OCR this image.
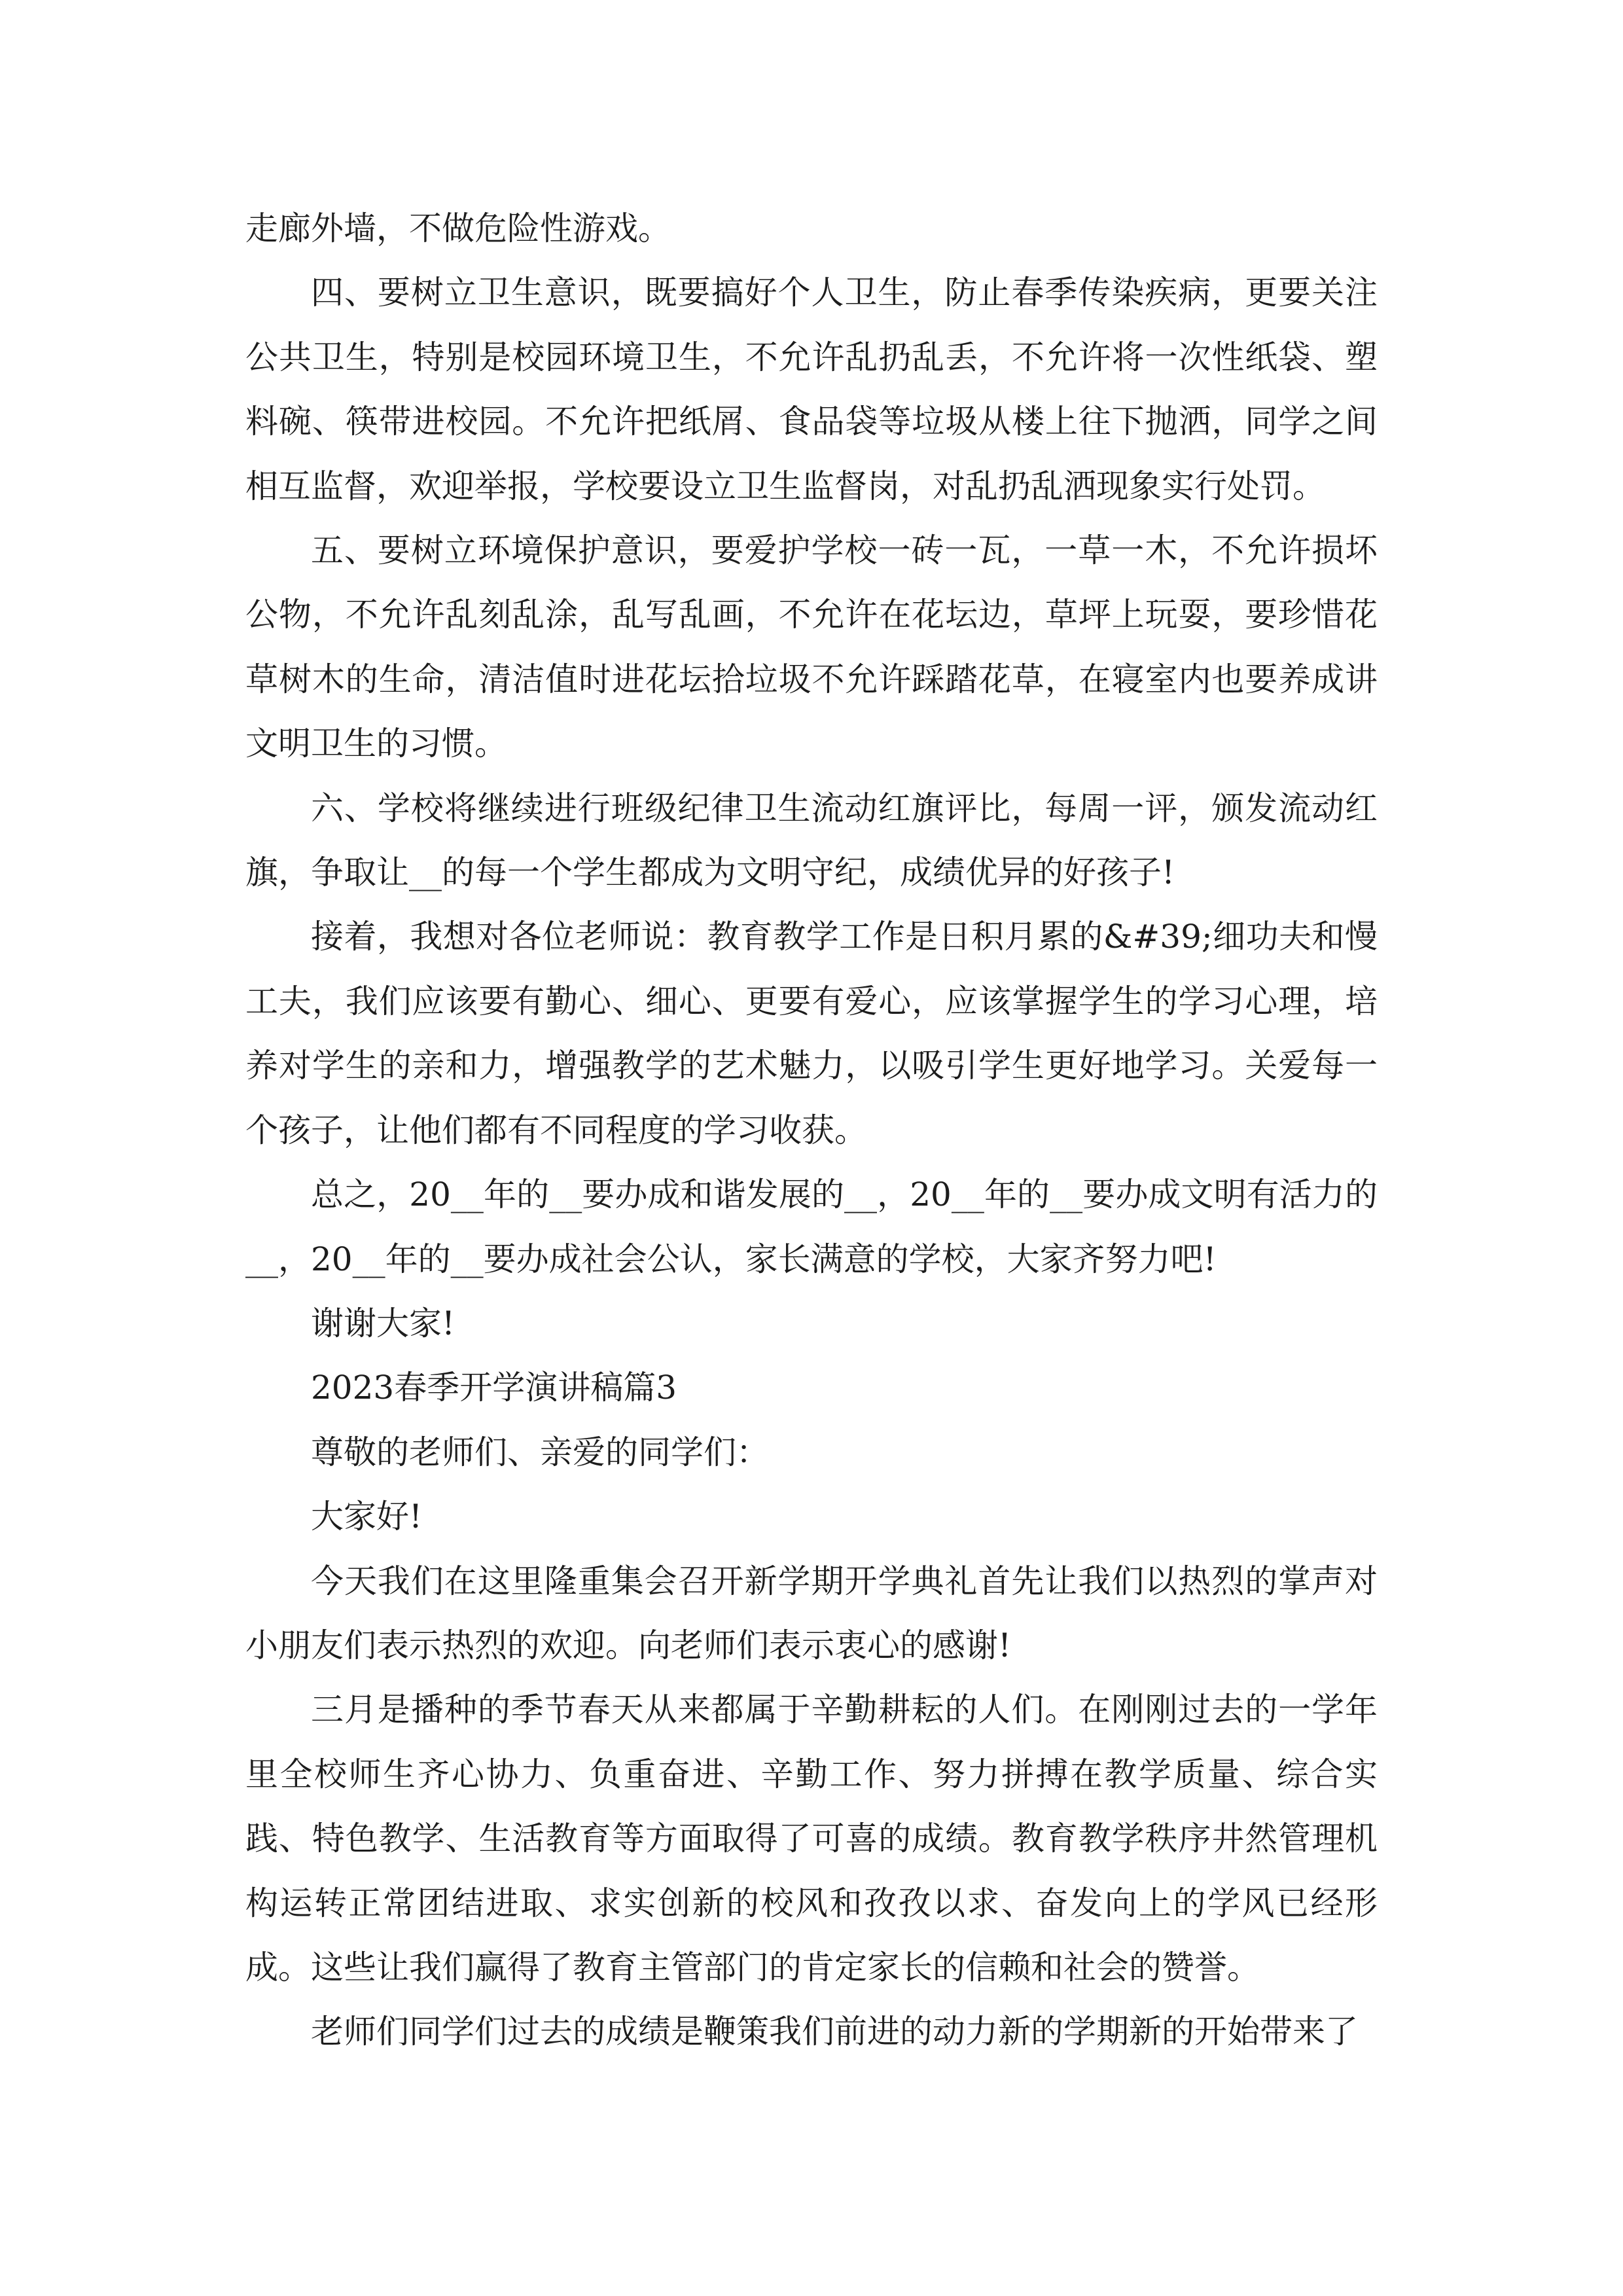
走廊外墙，不做危险性游戏。

四、要树立卫生意识，既要搞好个人卫生，防止春季传染疾病，更要关注公共卫生，特别是校园环境卫生，不允许乱扔乱丢，不允许将一次性纸袋、塑料碗、筷带进校园。不允许把纸屑、食品袋等垃圾从楼上往下抛洒，同学之间相互监督，欢迎举报，学校要设立卫生监督岗，对乱扔乱洒现象实行处罚。

五、要树立环境保护意识，要爱护学校一砖一瓦，一草一木，不允许损坏公物，不允许乱刻乱涂，乱写乱画，不允许在花坛边，草坪上玩耍，要珍惜花草树木的生命，清洁值时进花坛拾垃圾不允许踩踏花草，在寝室内也要养成讲文明卫生的习惯。

六、学校将继续进行班级纪律卫生流动红旗评比，每周一评，颁发流动红旗，争取让__的每一个学生都成为文明守纪，成绩优异的好孩子!

接着，我想对各位老师说：教育教学工作是日积月累的&#39;细功夫和慢工夫，我们应该要有勤心、细心、更要有爱心，应该掌握学生的学习心理，培养对学生的亲和力，增强教学的艺术魅力，以吸引学生更好地学习。关爱每一个孩子，让他们都有不同程度的学习收获。

总之，20__年的__要办成和谐发展的__，20__年的__要办成文明有活力的__，20__年的__要办成社会公认，家长满意的学校，大家齐努力吧!

谢谢大家!

2023春季开学演讲稿篇3

尊敬的老师们、亲爱的同学们：

大家好!

今天我们在这里隆重集会召开新学期开学典礼首先让我们以热烈的掌声对小朋友们表示热烈的欢迎。向老师们表示衷心的感谢!

三月是播种的季节春天从来都属于辛勤耕耘的人们。在刚刚过去的一学年里全校师生齐心协力、负重奋进、辛勤工作、努力拼搏在教学质量、综合实践、特色教学、生活教育等方面取得了可喜的成绩。教育教学秩序井然管理机构运转正常团结进取、求实创新的校风和孜孜以求、奋发向上的学风已经形成。这些让我们赢得了教育主管部门的肯定家长的信赖和社会的赞誉。

老师们同学们过去的成绩是鞭策我们前进的动力新的学期新的开始带来了
